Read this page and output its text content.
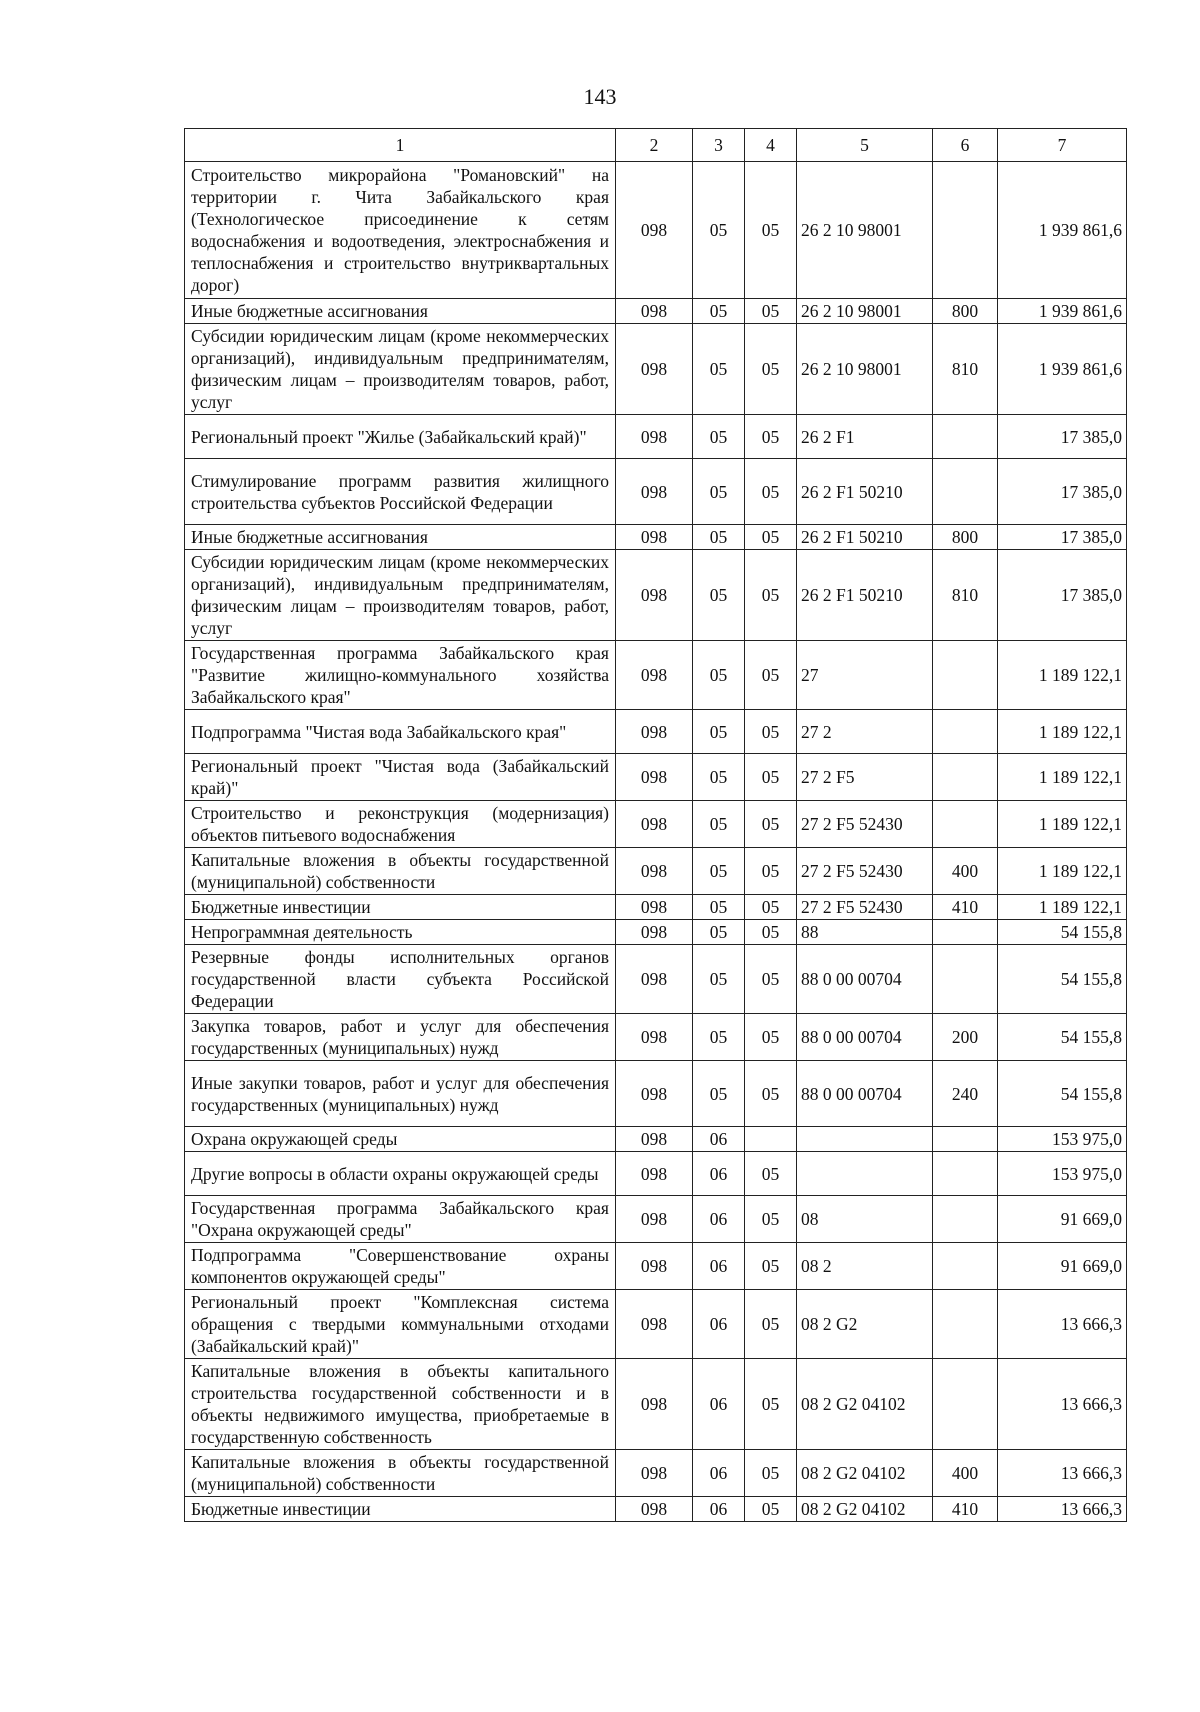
143
1	2	3	4	5	6	7
Строительство микрорайона "Романовский" на территории г. Чита Забайкальского края (Технологическое присоединение к сетям водоснабжения и водоотведения, электроснабжения и теплоснабжения и строительство внутриквартальных дорог)	098	05	05	26 2 10 98001		1 939 861,6
Иные бюджетные ассигнования	098	05	05	26 2 10 98001	800	1 939 861,6
Субсидии юридическим лицам (кроме некоммерческих организаций), индивидуальным предпринимателям, физическим лицам – производителям товаров, работ, услуг	098	05	05	26 2 10 98001	810	1 939 861,6
Региональный проект "Жилье (Забайкальский край)"	098	05	05	26 2 F1		17 385,0
Стимулирование программ развития жилищного строительства субъектов Российской Федерации	098	05	05	26 2 F1 50210		17 385,0
Иные бюджетные ассигнования	098	05	05	26 2 F1 50210	800	17 385,0
Субсидии юридическим лицам (кроме некоммерческих организаций), индивидуальным предпринимателям, физическим лицам – производителям товаров, работ, услуг	098	05	05	26 2 F1 50210	810	17 385,0
Государственная программа Забайкальского края "Развитие жилищно-коммунального хозяйства Забайкальского края"	098	05	05	27		1 189 122,1
Подпрограмма "Чистая вода Забайкальского края"	098	05	05	27 2		1 189 122,1
Региональный проект "Чистая вода (Забайкальский край)"	098	05	05	27 2 F5		1 189 122,1
Строительство и реконструкция (модернизация) объектов питьевого водоснабжения	098	05	05	27 2 F5 52430		1 189 122,1
Капитальные вложения в объекты государственной (муниципальной) собственности	098	05	05	27 2 F5 52430	400	1 189 122,1
Бюджетные инвестиции	098	05	05	27 2 F5 52430	410	1 189 122,1
Непрограммная деятельность	098	05	05	88		54 155,8
Резервные фонды исполнительных органов государственной власти субъекта Российской Федерации	098	05	05	88 0 00 00704		54 155,8
Закупка товаров, работ и услуг для обеспечения государственных (муниципальных) нужд	098	05	05	88 0 00 00704	200	54 155,8
Иные закупки товаров, работ и услуг для обеспечения государственных (муниципальных) нужд	098	05	05	88 0 00 00704	240	54 155,8
Охрана окружающей среды	098	06				153 975,0
Другие вопросы в области охраны окружающей среды	098	06	05			153 975,0
Государственная программа Забайкальского края "Охрана окружающей среды"	098	06	05	08		91 669,0
Подпрограмма "Совершенствование охраны компонентов окружающей среды"	098	06	05	08 2		91 669,0
Региональный проект "Комплексная система обращения с твердыми коммунальными отходами (Забайкальский край)"	098	06	05	08 2 G2		13 666,3
Капитальные вложения в объекты капитального строительства государственной собственности и в объекты недвижимого имущества, приобретаемые в государственную собственность	098	06	05	08 2 G2 04102		13 666,3
Капитальные вложения в объекты государственной (муниципальной) собственности	098	06	05	08 2 G2 04102	400	13 666,3
Бюджетные инвестиции	098	06	05	08 2 G2 04102	410	13 666,3
